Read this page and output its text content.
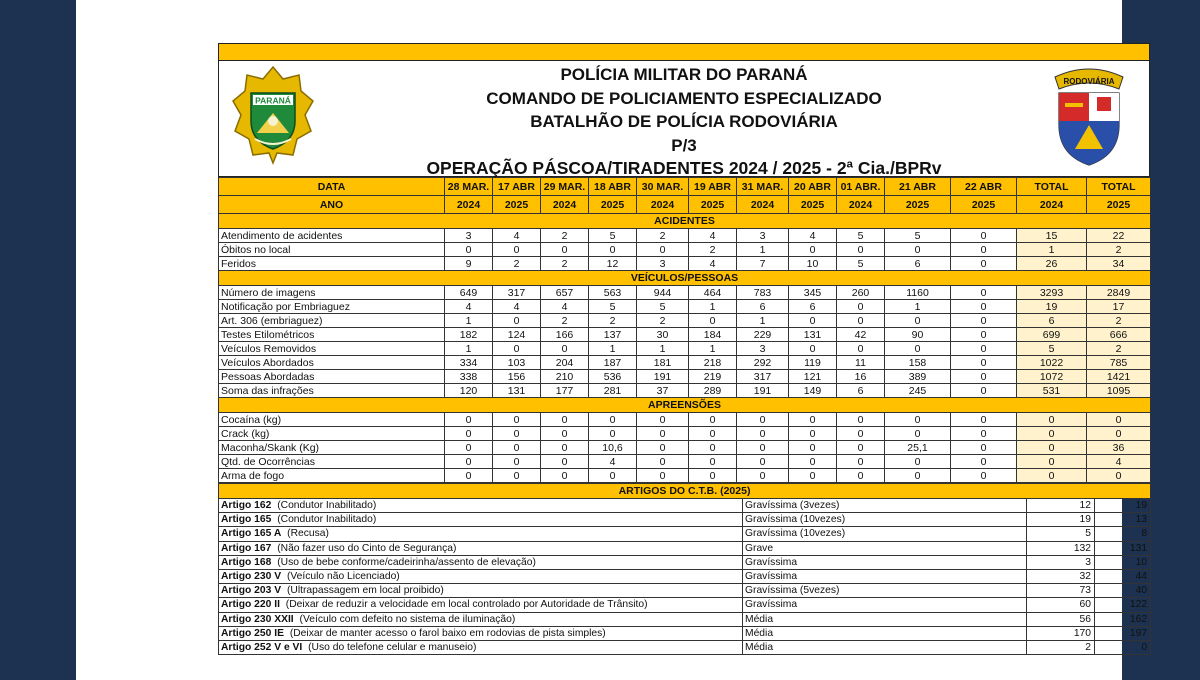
PARANÁ
POLÍCIA MILITAR DO PARANÁ
COMANDO DE POLICIAMENTO ESPECIALIZADO
BATALHÃO DE POLÍCIA RODOVIÁRIA
P/3
OPERAÇÃO PÁSCOA/TIRADENTES 2024 / 2025 - 2ª Cia./BPRv
RODOVIÁRIA
DATA	28 MAR.	17 ABR	29 MAR.	18 ABR	30 MAR.	19 ABR	31 MAR.	20 ABR	01 ABR.	21 ABR	22 ABR	TOTAL	TOTAL
ANO	2024	2025	2024	2025	2024	2025	2024	2025	2024	2025	2025	2024	2025
ACIDENTES													
Atendimento de acidentes	3	4	2	5	2	4	3	4	5	5	0	15	22
Óbitos no local	0	0	0	0	0	2	1	0	0	0	0	1	2
Feridos	9	2	2	12	3	4	7	10	5	6	0	26	34
VEÍCULOS/PESSOAS													
Número de imagens	649	317	657	563	944	464	783	345	260	1160	0	3293	2849
Notificação por Embriaguez	4	4	4	5	5	1	6	6	0	1	0	19	17
Art. 306 (embriaguez)	1	0	2	2	2	0	1	0	0	0	0	6	2
Testes Etilométricos	182	124	166	137	30	184	229	131	42	90	0	699	666
Veículos Removidos	1	0	0	1	1	1	3	0	0	0	0	5	2
Veículos Abordados	334	103	204	187	181	218	292	119	11	158	0	1022	785
Pessoas Abordadas	338	156	210	536	191	219	317	121	16	389	0	1072	1421
Soma das infrações	120	131	177	281	37	289	191	149	6	245	0	531	1095
APREENSÕES													
Cocaína (kg)	0	0	0	0	0	0	0	0	0	0	0	0	0
Crack (kg)	0	0	0	0	0	0	0	0	0	0	0	0	0
Maconha/Skank (Kg)	0	0	0	10,6	0	0	0	0	0	25,1	0	0	36
Qtd. de Ocorrências	0	0	0	4	0	0	0	0	0	0	0	0	4
Arma de fogo	0	0	0	0	0	0	0	0	0	0	0	0	0
ARTIGOS DO C.T.B. (2025)			
Artigo 162 (Condutor Inabilitado)	Gravíssima (3vezes)	12	19
Artigo 165 (Condutor Inabilitado)	Gravíssima (10vezes)	19	13
Artigo 165 A (Recusa)	Gravíssima (10vezes)	5	8
Artigo 167 (Não fazer uso do Cinto de Segurança)	Grave	132	131
Artigo 168 (Uso de bebe conforme/cadeirinha/assento de elevação)	Gravíssima	3	10
Artigo 230 V (Veículo não Licenciado)	Gravíssima	32	44
Artigo 203 V (Ultrapassagem em local proibido)	Gravíssima (5vezes)	73	40
Artigo 220 II (Deixar de reduzir a velocidade em local controlado por Autoridade de Trânsito)	Gravíssima	60	122
Artigo 230 XXII (Veículo com defeito no sistema de iluminação)	Média	56	162
Artigo 250 IE (Deixar de manter acesso o farol baixo em rodovias de pista simples)	Média	170	197
Artigo 252 V e VI (Uso do telefone celular e manuseio)	Média	2	0
